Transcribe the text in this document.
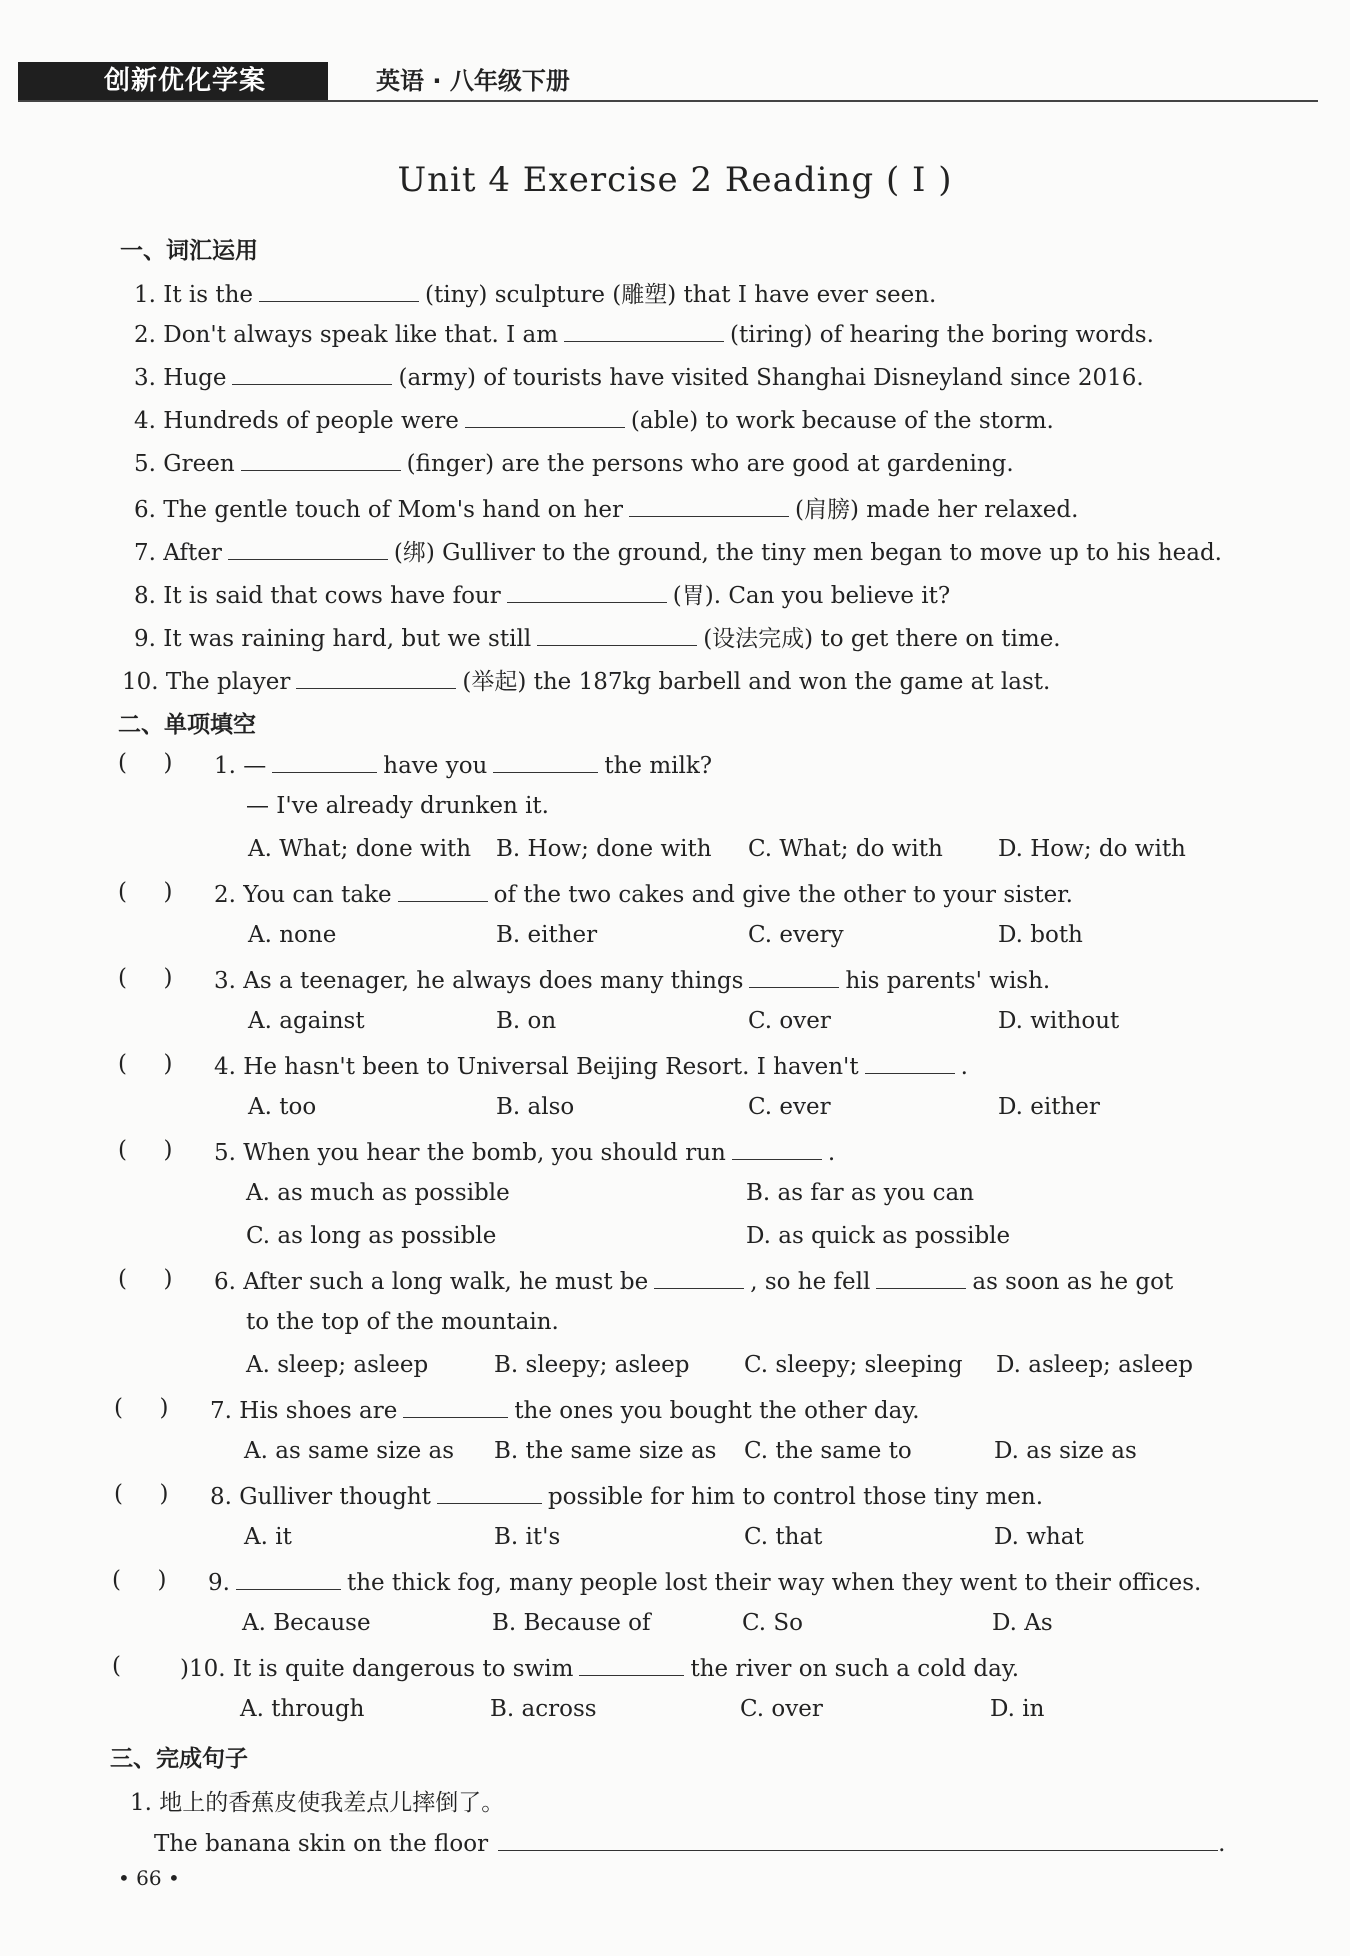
创新优化学案	英语 · 八年级下册
Unit 4 Exercise 2 Reading ( Ⅰ )
一、词汇运用
1. It is the	(tiny) sculpture (雕塑) that I have ever seen.
2. Don't always speak like that. I am	(tiring) of hearing the boring words.
3. Huge	(army) of tourists have visited Shanghai Disneyland since 2016.
4. Hundreds of people were	(able) to work because of the storm.
5. Green	(finger) are the persons who are good at gardening.
6. The gentle touch of Mom's hand on her	(肩膀) made her relaxed.
7. After	(绑) Gulliver to the ground, the tiny men began to move up to his head.
8. It is said that cows have four	(胃). Can you believe it?
9. It was raining hard, but we still	(设法完成) to get there on time.
10. The player	(举起) the 187kg barbell and won the game at last.
二、单项填空
(     ) 1. —	have you	the milk?
— I've already drunken it.
A. What; done with B. How; done with C. What; do with D. How; do with
(     ) 2. You can take	of the two cakes and give the other to your sister.
A. none	B. either	C. every	D. both
(     ) 3. As a teenager, he always does many things	his parents' wish.
A. against	B. on	C. over	D. without
(     ) 4. He hasn't been to Universal Beijing Resort. I haven't	.
A. too	B. also	C. ever	D. either
(     ) 5. When you hear the bomb, you should run	.
A. as much as possible	B. as far as you can
C. as long as possible	D. as quick as possible
(     ) 6. After such a long walk, he must be	, so he fell	as soon as he got
to the top of the mountain.
A. sleep; asleep	B. sleepy; asleep C. sleepy; sleeping D. asleep; asleep
(     ) 7. His shoes are	the ones you bought the other day.
A. as same size as B. the same size as C. the same to	D. as size as
(     ) 8. Gulliver thought	possible for him to control those tiny men.
A. it	B. it's	C. that	D. what
(     ) 9.	the thick fog, many people lost their way when they went to their offices.
A. Because	B. Because of	C. So	D. As
( )10. It is quite dangerous to swim	the river on such a cold day.
A. through	B. across	C. over	D. in
三、完成句子
1. 地上的香蕉皮使我差点儿摔倒了。
The banana skin on the floor	.
• 66 •
